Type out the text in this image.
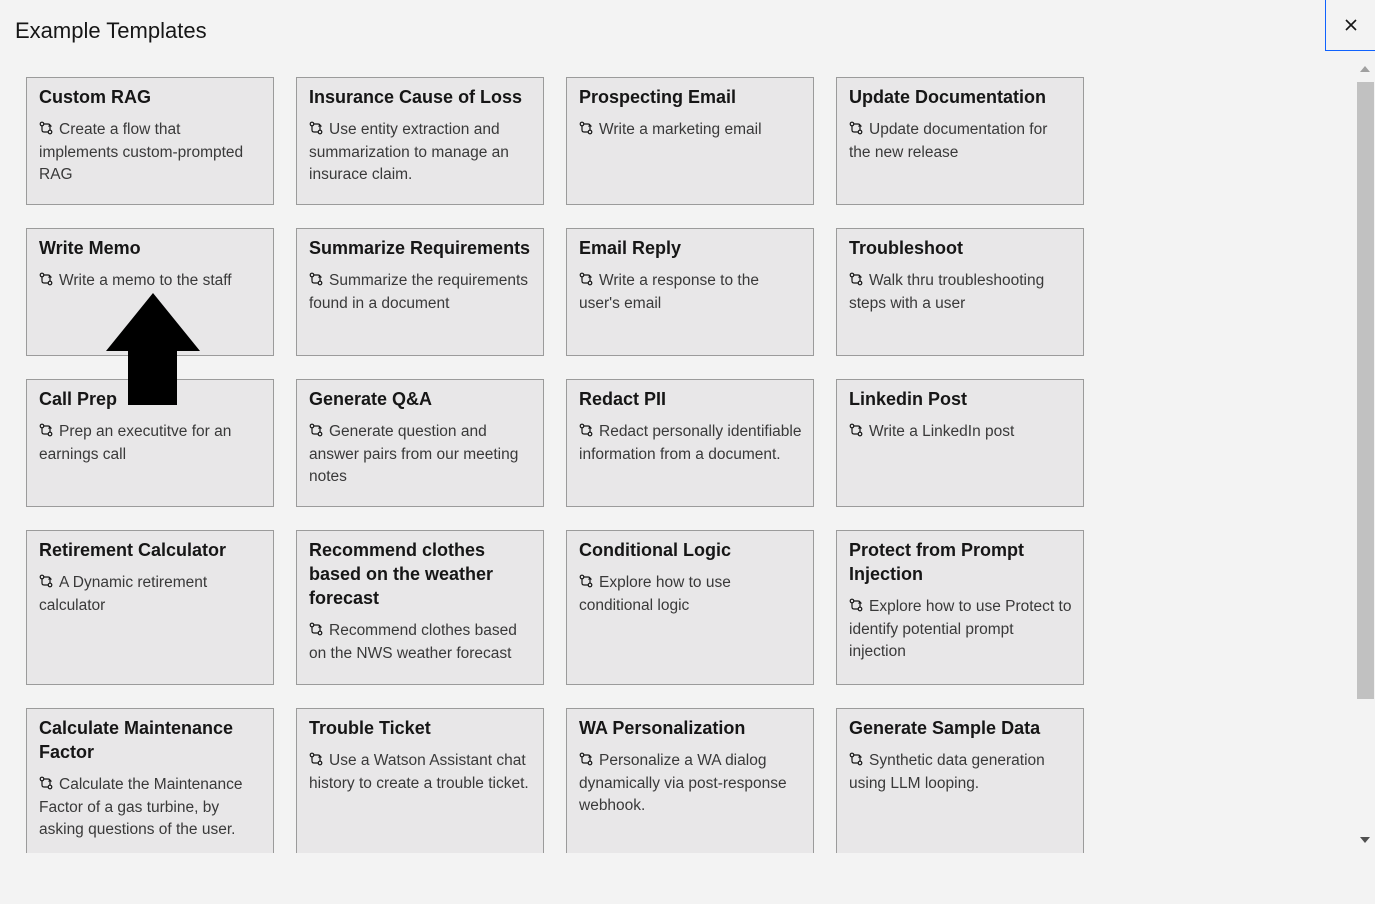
Example Templates
Custom RAG

Create a flow that implements custom-prompted RAG

Insurance Cause of Loss

Use entity extraction and summarization to manage an insurace claim.

Prospecting Email

Write a marketing email

Update Documentation

Update documentation for the new release

Write Memo

Write a memo to the staff

Summarize Requirements

Summarize the requirements found in a document

Email Reply

Write a response to the user's email

Troubleshoot

Walk thru troubleshooting steps with a user

Call Prep

Prep an executitve for an earnings call

Generate Q&A

Generate question and answer pairs from our meeting notes

Redact PII

Redact personally identifiable information from a document.

Linkedin Post

Write a LinkedIn post

Retirement Calculator

A Dynamic retirement calculator

Recommend clothes based on the weather forecast

Recommend clothes based on the NWS weather forecast

Conditional Logic

Explore how to use conditional logic

Protect from Prompt Injection

Explore how to use Protect to identify potential prompt injection

Calculate Maintenance Factor

Calculate the Maintenance Factor of a gas turbine, by asking questions of the user.

Trouble Ticket

Use a Watson Assistant chat history to create a trouble ticket.

WA Personalization

Personalize a WA dialog dynamically via post-response webhook.

Generate Sample Data

Synthetic data generation using LLM looping.
